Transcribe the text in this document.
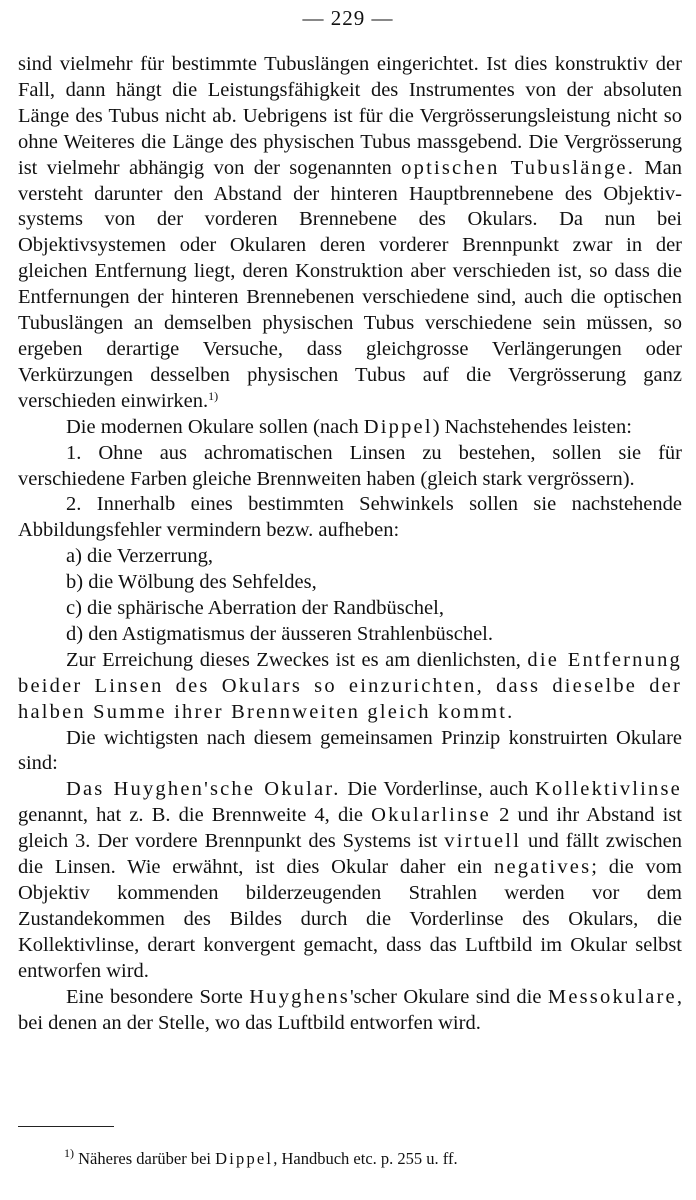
— 229 —

sind vielmehr für bestimmte Tubuslängen eingerichtet. Ist dies konstruktiv der Fall, dann hängt die Leistungsfähigkeit des Instrumentes von der absoluten Länge des Tubus nicht ab. Uebrigens ist für die Vergrösserungsleistung nicht so ohne Weiteres die Länge des physischen Tubus massgebend. Die Vergrösserung ist vielmehr abhängig von der sogenannten optischen Tubuslänge. Man versteht darunter den Abstand der hinteren Hauptbrennebene des Objektivsystems von der vorderen Brennebene des Okulars. Da nun bei Objektivsystemen oder Okularen deren vorderer Brennpunkt zwar in der gleichen Entfernung liegt, deren Konstruktion aber verschieden ist, so dass die Entfernungen der hinteren Brennebenen verschiedene sind, auch die optischen Tubuslängen an demselben physischen Tubus verschiedene sein müssen, so ergeben derartige Versuche, dass gleichgrosse Verlängerungen oder Verkürzungen desselben physischen Tubus auf die Vergrösserung ganz verschieden einwirken.$^{1)}$

Die modernen Okulare sollen (nach Dippel) Nachstehendes leisten:

1. Ohne aus achromatischen Linsen zu bestehen, sollen sie für verschiedene Farben gleiche Brennweiten haben (gleich stark vergrössern).

2. Innerhalb eines bestimmten Sehwinkels sollen sie nachstehende Abbildungsfehler vermindern bezw. aufheben:

a) die Verzerrung,

b) die Wölbung des Sehfeldes,

c) die sphärische Aberration der Randbüschel,

d) den Astigmatismus der äusseren Strahlenbüschel.

Zur Erreichung dieses Zweckes ist es am dienlichsten, die Entfernung beider Linsen des Okulars so einzurichten, dass dieselbe der halben Summe ihrer Brennweiten gleich kommt.

Die wichtigsten nach diesem gemeinsamen Prinzip konstruirten Okulare sind:

Das Huyghen'sche Okular. Die Vorderlinse, auch Kollektivlinse genannt, hat z. B. die Brennweite 4, die Okularlinse 2 und ihr Abstand ist gleich 3. Der vordere Brennpunkt des Systems ist virtuell und fällt zwischen die Linsen. Wie erwähnt, ist dies Okular daher ein negatives; die vom Objektiv kommenden bilderzeugenden Strahlen werden vor dem Zustandekommen des Bildes durch die Vorderlinse des Okulars, die Kollektivlinse, derart konvergent gemacht, dass das Luftbild im Okular selbst entworfen wird.

Eine besondere Sorte Huyghens'scher Okulare sind die Messokulare, bei denen an der Stelle, wo das Luftbild entworfen wird.

$^{1)}$ Näheres darüber bei Dippel, Handbuch etc. p. 255 u. ff.
